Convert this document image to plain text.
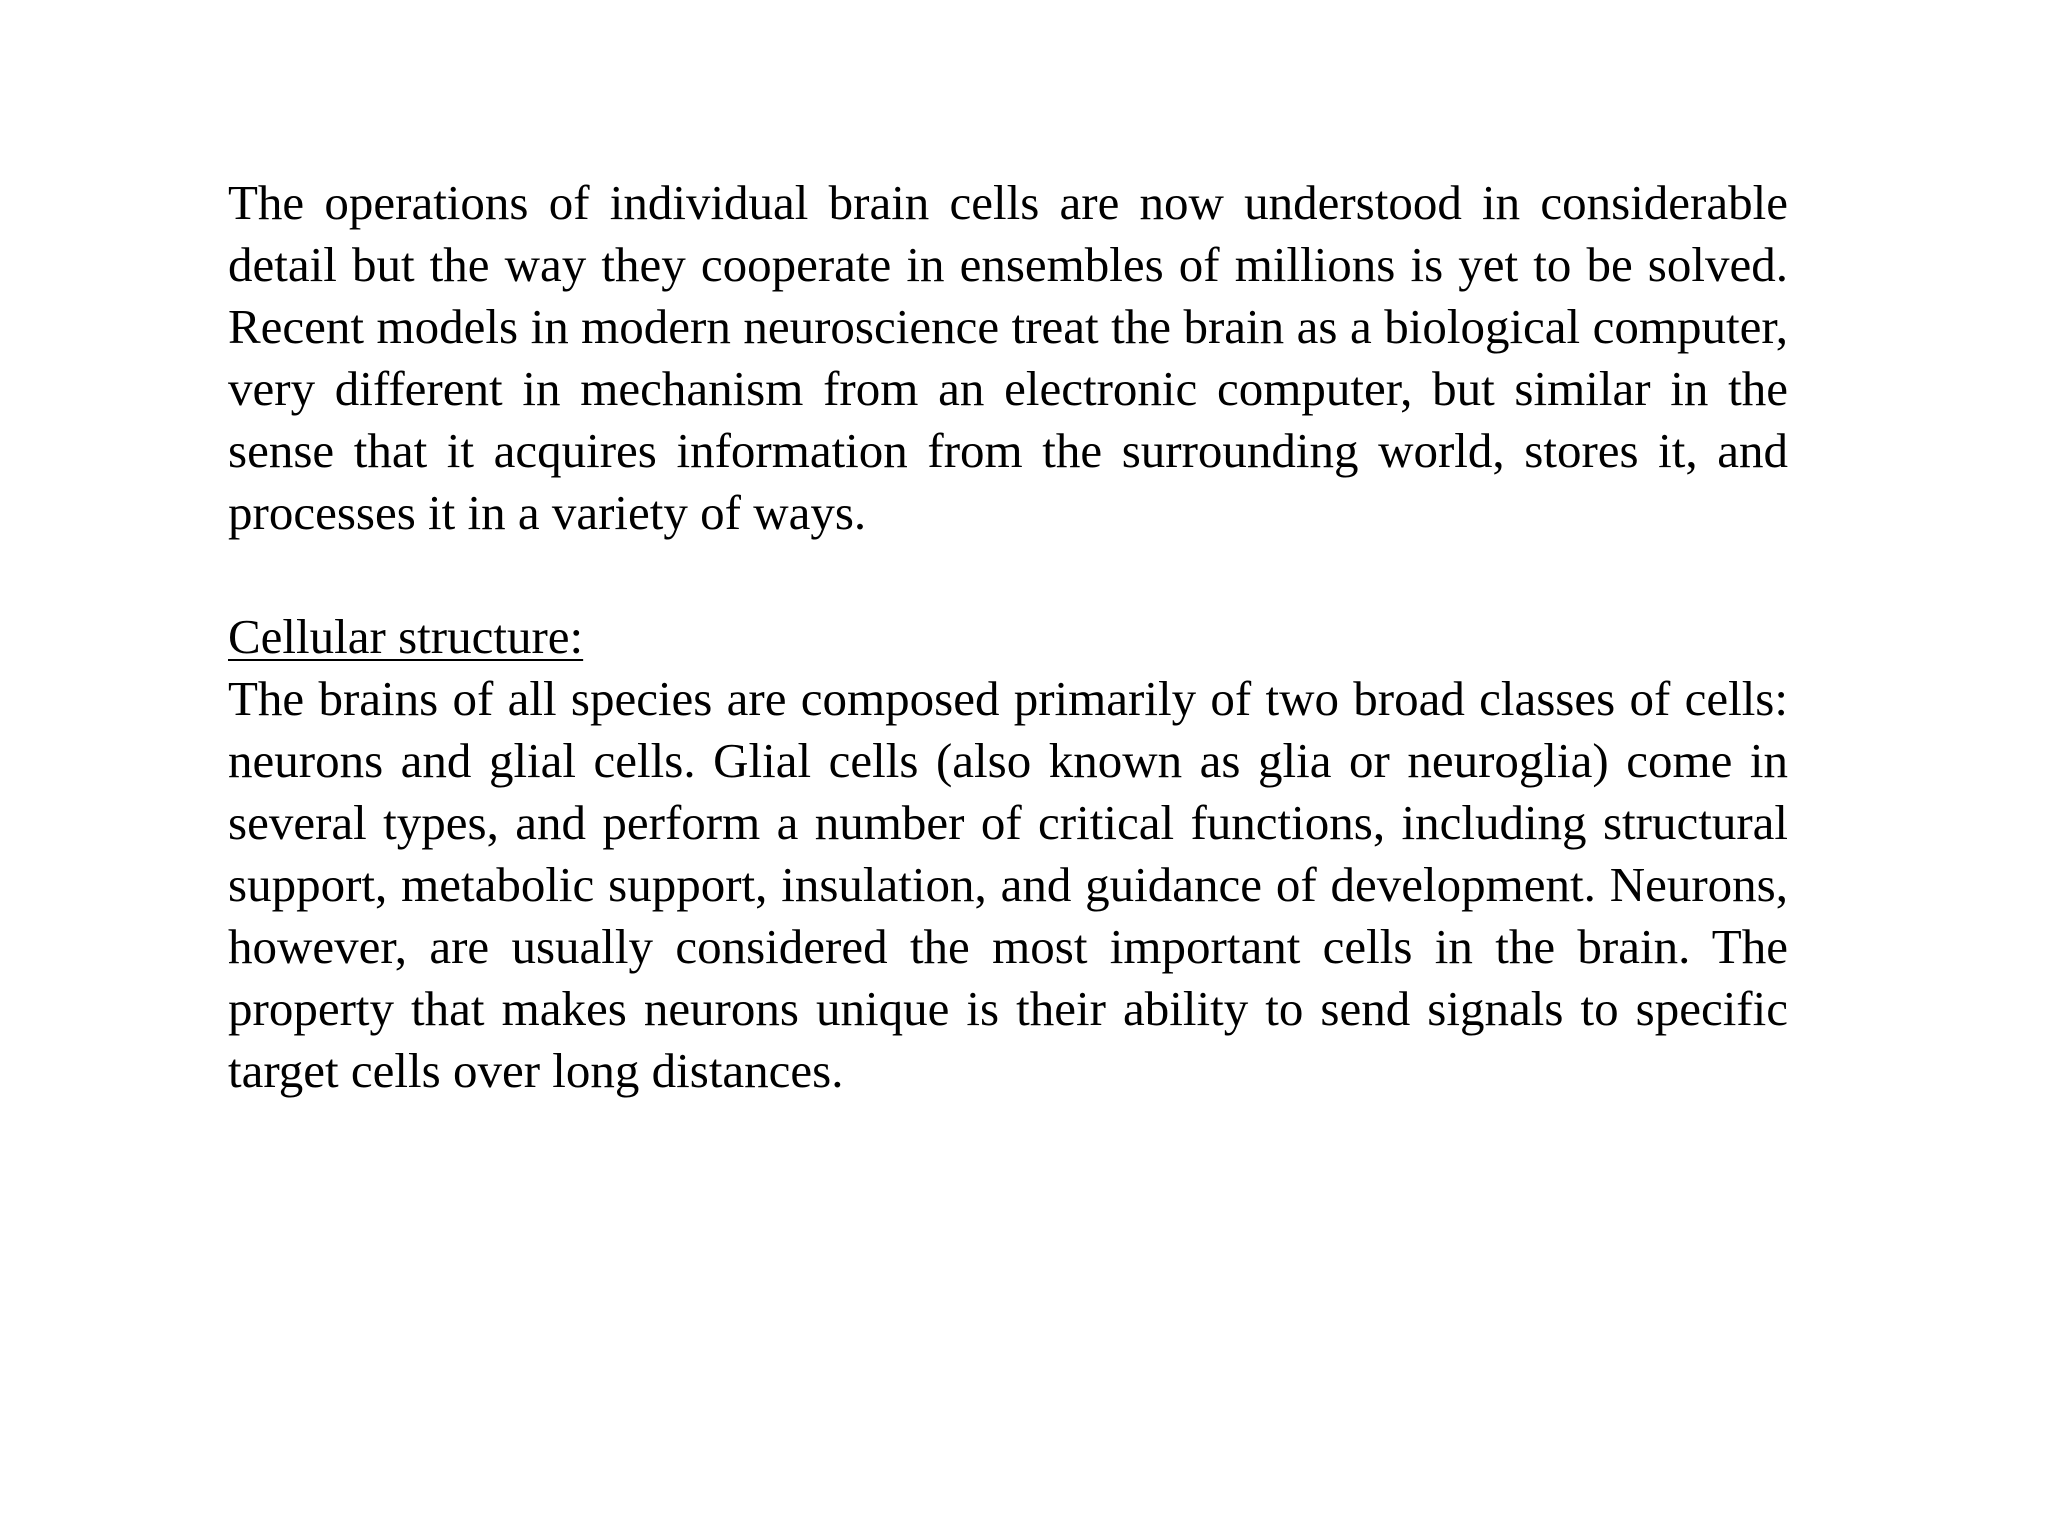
The operations of individual brain cells are now understood in considerable detail but the way they cooperate in ensembles of millions is yet to be solved. Recent models in modern neuroscience treat the brain as a biological computer, very different in mechanism from an electronic computer, but similar in the sense that it acquires information from the surrounding world, stores it, and processes it in a variety of ways.

Cellular structure:

The brains of all species are composed primarily of two broad classes of cells: neurons and glial cells. Glial cells (also known as glia or neuroglia) come in several types, and perform a number of critical functions, including structural support, metabolic support, insulation, and guidance of development. Neurons, however, are usually considered the most important cells in the brain. The property that makes neurons unique is their ability to send signals to specific target cells over long distances.
